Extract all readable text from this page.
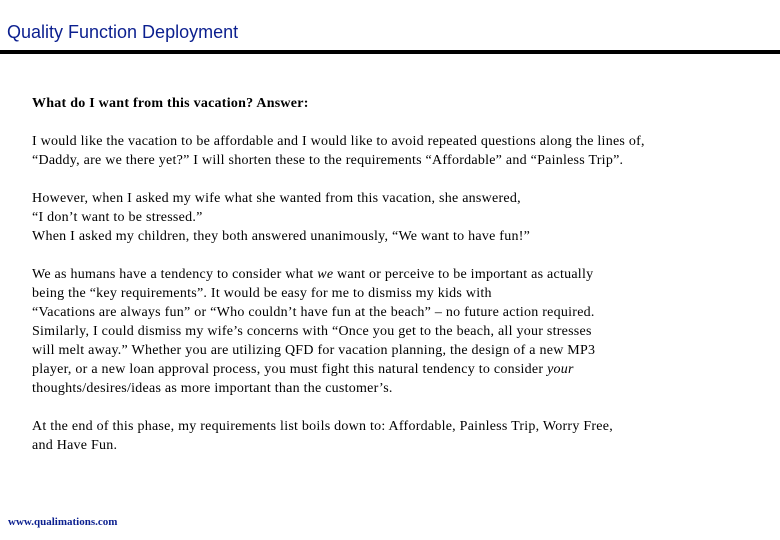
Quality Function Deployment
What do I want from this vacation? Answer:
I would like the vacation to be affordable and I would like to avoid repeated questions along the lines of,
“Daddy, are we there yet?” I will shorten these to the requirements “Affordable” and “Painless Trip”.
However, when I asked my wife what she wanted from this vacation, she answered,
“I don’t want to be stressed.”
When I asked my children, they both answered unanimously, “We want to have fun!”
We as humans have a tendency to consider what we want or perceive to be important as actually
being the “key requirements”. It would be easy for me to dismiss my kids with
“Vacations are always fun” or “Who couldn’t have fun at the beach” – no future action required.
Similarly, I could dismiss my wife’s concerns with “Once you get to the beach, all your stresses
will melt away.” Whether you are utilizing QFD for vacation planning, the design of a new MP3
player, or a new loan approval process, you must fight this natural tendency to consider your
thoughts/desires/ideas as more important than the customer’s.
At the end of this phase, my requirements list boils down to: Affordable, Painless Trip, Worry Free,
and Have Fun.
www.qualimations.com
